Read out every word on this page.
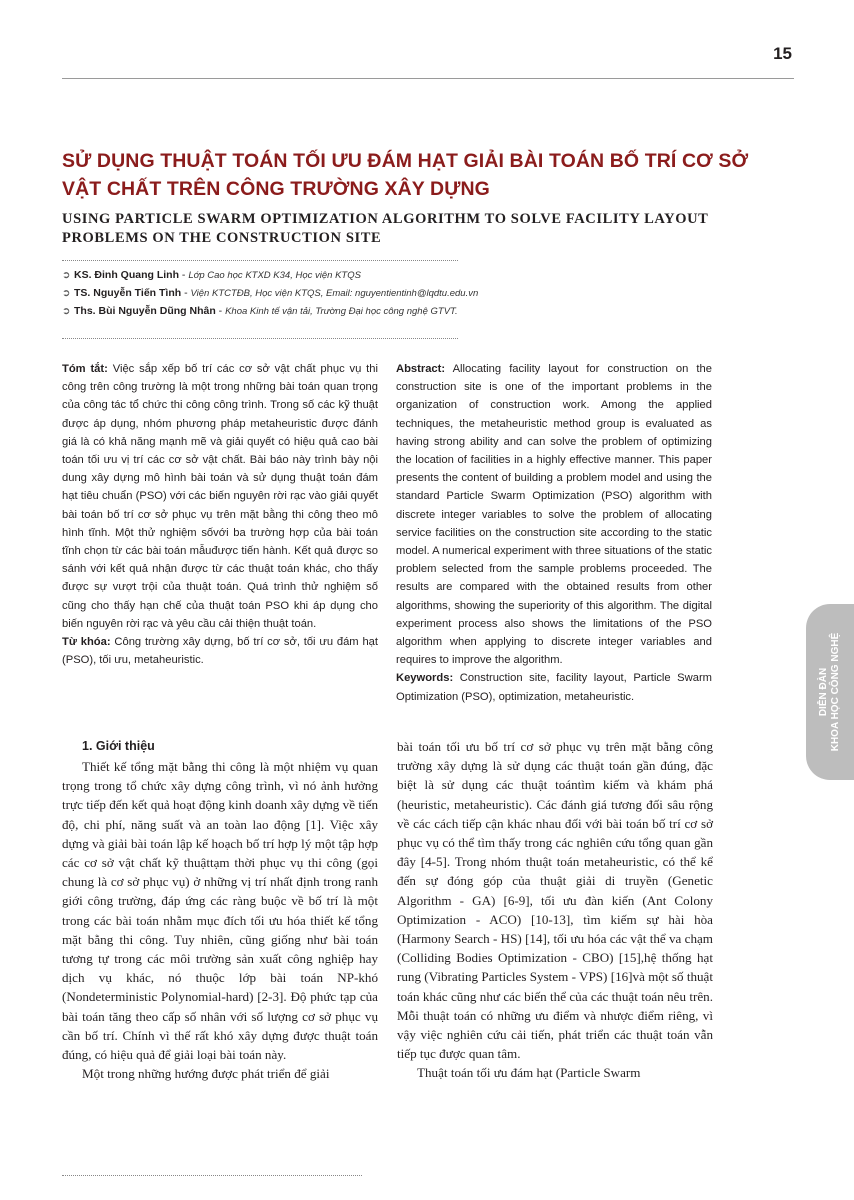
15
SỬ DỤNG THUẬT TOÁN TỐI ƯU ĐÁM HẠT GIẢI BÀI TOÁN BỐ TRÍ CƠ SỞ
VẬT CHẤT TRÊN CÔNG TRƯỜNG XÂY DỰNG
USING PARTICLE SWARM OPTIMIZATION ALGORITHM TO SOLVE FACILITY LAYOUT
PROBLEMS ON THE CONSTRUCTION SITE
➲ KS. Đinh Quang Linh - Lớp Cao học KTXD K34, Học viện KTQS
➲ TS. Nguyễn Tiến Tình - Viện KTCTĐB, Học viện KTQS, Email: nguyentientinh@lqdtu.edu.vn
➲ Ths. Bùi Nguyễn Dũng Nhân - Khoa Kinh tế vận tải, Trường Đại học công nghệ GTVT.
Tóm tắt: Việc sắp xếp bố trí các cơ sở vật chất phục vụ thi công trên công trường là một trong những bài toán quan trọng của công tác tổ chức thi công công trình. Trong số các kỹ thuật được áp dụng, nhóm phương pháp metaheuristic được đánh giá là có khả năng mạnh mẽ và giải quyết có hiệu quả cao bài toán tối ưu vị trí các cơ sở vật chất. Bài báo này trình bày nội dung xây dựng mô hình bài toán và sử dụng thuật toán đám hạt tiêu chuẩn (PSO) với các biến nguyên rời rạc vào giải quyết bài toán bố trí cơ sở phục vụ trên mặt bằng thi công theo mô hình tĩnh. Một thử nghiệm sốvới ba trường hợp của bài toán tĩnh chọn từ các bài toán mẫuđược tiến hành. Kết quả được so sánh với kết quả nhận được từ các thuật toán khác, cho thấy được sự vượt trội của thuật toán. Quá trình thử nghiệm số cũng cho thấy hạn chế của thuật toán PSO khi áp dụng cho biến nguyên rời rạc và yêu cầu cải thiện thuật toán.
Từ khóa: Công trường xây dựng, bố trí cơ sở, tối ưu đám hạt (PSO), tối ưu, metaheuristic.
Abstract: Allocating facility layout for construction on the construction site is one of the important problems in the organization of construction work. Among the applied techniques, the metaheuristic method group is evaluated as having strong ability and can solve the problem of optimizing the location of facilities in a highly effective manner. This paper presents the content of building a problem model and using the standard Particle Swarm Optimization (PSO) algorithm with discrete integer variables to solve the problem of allocating service facilities on the construction site according to the static model. A numerical experiment with three situations of the static problem selected from the sample problems proceeded. The results are compared with the obtained results from other algorithms, showing the superiority of this algorithm. The digital experiment process also shows the limitations of the PSO algorithm when applying to discrete integer variables and requires to improve the algorithm.
Keywords: Construction site, facility layout, Particle Swarm Optimization (PSO), optimization, metaheuristic.
1. Giới thiệu

Thiết kế tổng mặt bằng thi công là một nhiệm vụ quan trọng trong tổ chức xây dựng công trình, vì nó ảnh hưởng trực tiếp đến kết quả hoạt động kinh doanh xây dựng về tiến độ, chi phí, năng suất và an toàn lao động [1]. Việc xây dựng và giải bài toán lập kế hoạch bố trí hợp lý một tập hợp các cơ sở vật chất kỹ thuậttạm thời phục vụ thi công (gọi chung là cơ sở phục vụ) ở những vị trí nhất định trong ranh giới công trường, đáp ứng các ràng buộc về bố trí là một trong các bài toán nhằm mục đích tối ưu hóa thiết kế tổng mặt bằng thi công. Tuy nhiên, cũng giống như bài toán tương tự trong các môi trường sản xuất công nghiệp hay dịch vụ khác, nó thuộc lớp bài toán NP-khó (Nondeterministic Polynomial-hard) [2-3]. Độ phức tạp của bài toán tăng theo cấp số nhân với số lượng cơ sở phục vụ cần bố trí. Chính vì thế rất khó xây dựng được thuật toán đúng, có hiệu quả để giải loại bài toán này.

Một trong những hướng được phát triển để giải

bài toán tối ưu bố trí cơ sở phục vụ trên mặt bằng công trường xây dựng là sử dụng các thuật toán gần đúng, đặc biệt là sử dụng các thuật toántìm kiếm và khám phá (heuristic, metaheuristic). Các đánh giá tương đối sâu rộng về các cách tiếp cận khác nhau đối với bài toán bố trí cơ sở phục vụ có thể tìm thấy trong các nghiên cứu tổng quan gần đây [4-5]. Trong nhóm thuật toán metaheuristic, có thể kể đến sự đóng góp của thuật giải di truyền (Genetic Algorithm - GA) [6-9], tối ưu đàn kiến (Ant Colony Optimization - ACO) [10-13], tìm kiếm sự hài hòa (Harmony Search - HS) [14], tối ưu hóa các vật thể va chạm (Colliding Bodies Optimization - CBO) [15],hệ thống hạt rung (Vibrating Particles System - VPS) [16]và một số thuật toán khác cũng như các biến thể của các thuật toán nêu trên. Mỗi thuật toán có những ưu điểm và nhược điểm riêng, vì vậy việc nghiên cứu cải tiến, phát triển các thuật toán vẫn tiếp tục được quan tâm.

Thuật toán tối ưu đám hạt (Particle Swarm

DIỄN ĐÀN
KHOA HỌC CÔNG NGHỆ
